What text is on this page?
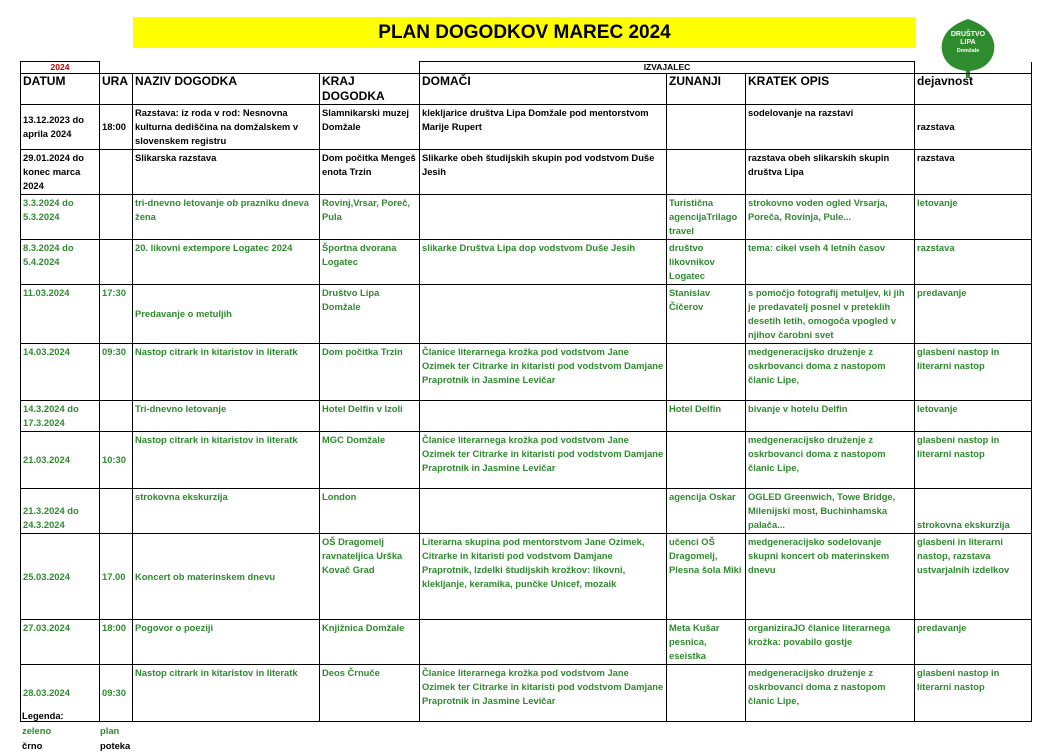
PLAN DOGODKOV MAREC 2024	DRUŠTVO
LIPA
Domžale
2024				IZVAJALEC			
DATUM	URA	NAZIV DOGODKA	KRAJ DOGODKA	DOMAČI	ZUNANJI	KRATEK OPIS	dejavnost
13.12.2023 do aprila 2024	18:00	Razstava: iz roda v rod: Nesnovna kulturna dediščina na domžalskem v slovenskem registru	Slamnikarski muzej Domžale	klekljarice društva Lipa Domžale pod mentorstvom Marije Rupert		sodelovanje na razstavi	razstava
29.01.2024 do konec marca 2024		Slikarska razstava	Dom počitka Mengeš enota Trzin	Slikarke obeh študijskih skupin pod vodstvom Duše Jesih		razstava obeh slikarskih skupin društva Lipa	razstava
3.3.2024 do 5.3.2024		tri-dnevno letovanje ob prazniku dneva žena	Rovinj,Vrsar, Poreč, Pula		Turistična agencijaTrilago travel	strokovno voden ogled Vrsarja, Poreča, Rovinja, Pule...	letovanje
8.3.2024 do 5.4.2024		20. likovni extempore Logatec 2024	Športna dvorana Logatec	slikarke Društva Lipa dop vodstvom Duše Jesih	društvo likovnikov Logatec	tema: cikel vseh 4 letnih časov	razstava
11.03.2024	17:30	Predavanje o metuljih	Društvo Lipa Domžale		Stanislav Čičerov	s pomočjo fotografij metuljev, ki jih je predavatelj posnel v preteklih desetih letih, omogoča vpogled v njihov čarobni svet	predavanje
14.03.2024	09:30	Nastop citrark in kitaristov in literatk	Dom počitka Trzin	Članice literarnega krožka pod vodstvom Jane Ozimek ter Citrarke in kitaristi pod vodstvom Damjane Praprotnik in Jasmine Levičar		medgeneracijsko druženje z oskrbovanci doma z nastopom članic Lipe,	glasbeni nastop in literarni nastop
14.3.2024 do 17.3.2024		Tri-dnevno letovanje	Hotel Delfin v Izoli		Hotel Delfin	bivanje v hotelu Delfin	letovanje
21.03.2024	10:30	Nastop citrark in kitaristov in literatk	MGC Domžale	Članice literarnega krožka pod vodstvom Jane Ozimek ter Citrarke in kitaristi pod vodstvom Damjane Praprotnik in Jasmine Levičar		medgeneracijsko druženje z oskrbovanci doma z nastopom članic Lipe,	glasbeni nastop in literarni nastop
21.3.2024 do 24.3.2024		strokovna ekskurzija	London		agencija Oskar	OGLED Greenwich, Towe Bridge, Milenijski most, Buchinhamska palača...	strokovna ekskurzija
25.03.2024	17.00	Koncert ob materinskem dnevu	OŠ Dragomelj ravnateljica Urška Kovač Grad	Literarna skupina pod mentorstvom Jane Ozimek, Citrarke in kitaristi pod vodstvom Damjane Praprotnik, Izdelki študijskih krožkov: likovni, klekljanje, keramika, punčke Unicef, mozaik	učenci OŠ Dragomelj, Plesna šola Miki	medgeneracijsko sodelovanje skupni koncert ob materinskem dnevu	glasbeni in literarni nastop, razstava ustvarjalnih izdelkov
27.03.2024	18:00	Pogovor o poeziji	Knjižnica Domžale		Meta Kušar pesnica, eseistka	organiziraJO članice literarnega krožka: povabilo gostje	predavanje
28.03.2024	09:30	Nastop citrark in kitaristov in literatk	Deos Črnuče	Članice literarnega krožka pod vodstvom Jane Ozimek ter Citrarke in kitaristi pod vodstvom Damjane Praprotnik in Jasmine Levičar		medgeneracijsko druženje z oskrbovanci doma z nastopom članic Lipe,	glasbeni nastop in literarni nastop
Legenda:
zeleno	plan
črno	poteka
